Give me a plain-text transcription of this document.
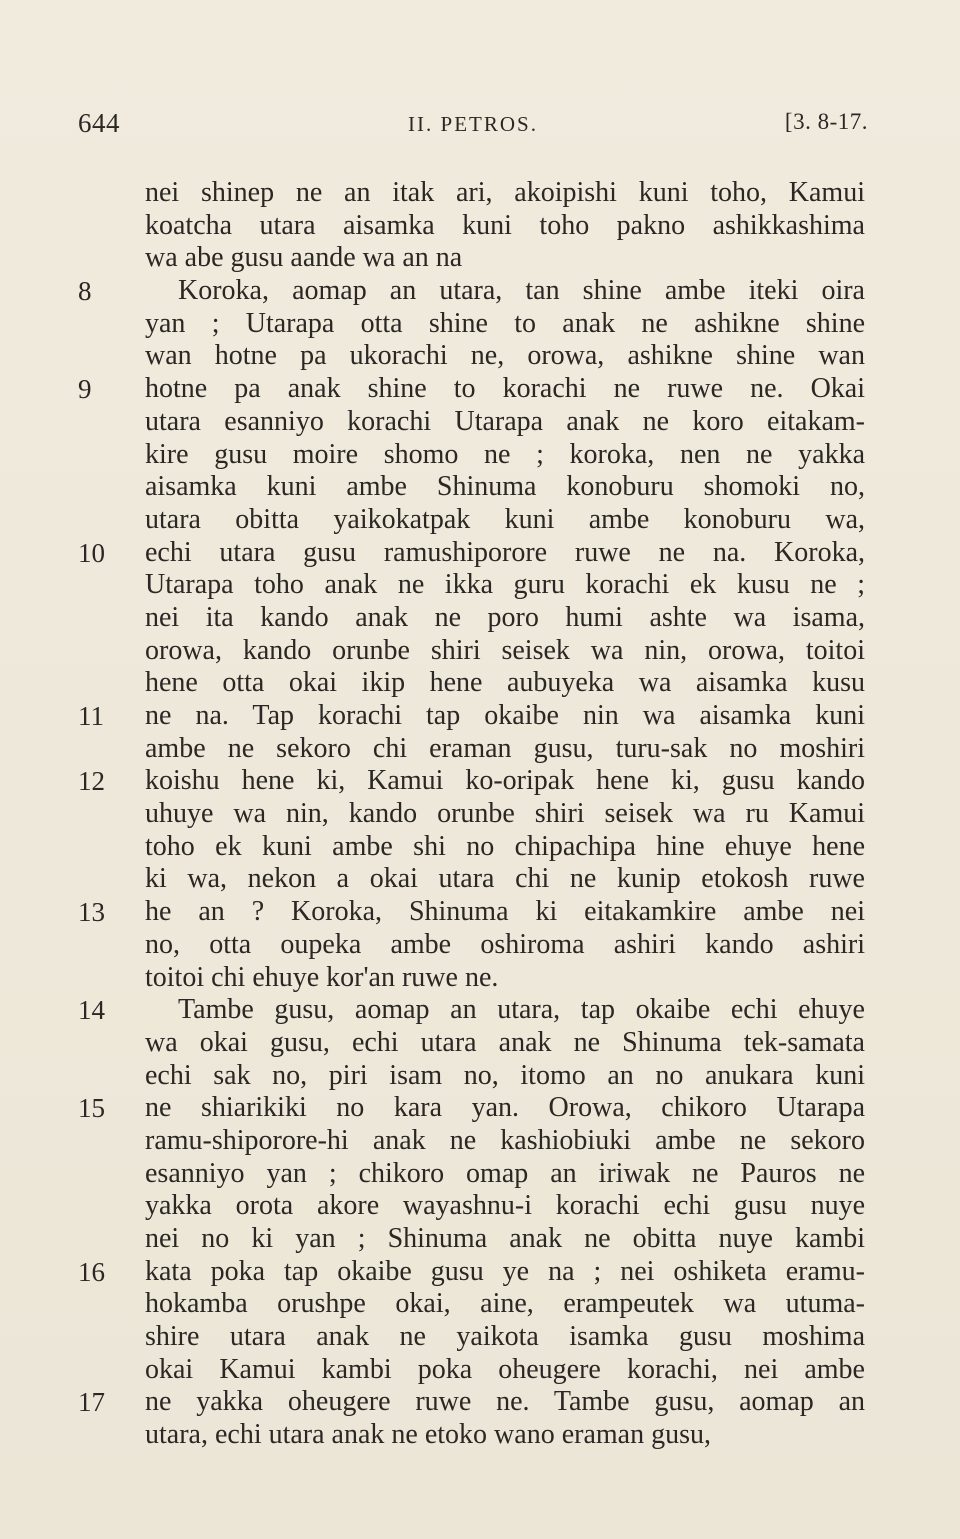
644	II. PETROS.	[3. 8-17.
nei shinep ne an itak ari, akoipishi kuni toho, Kamui
koatcha utara aisamka kuni toho pakno ashikkashima
wa abe gusu aande wa an na
8	Koroka, aomap an utara, tan shine ambe iteki oira
yan ; Utarapa otta shine to anak ne ashikne shine
wan hotne pa ukorachi ne, orowa, ashikne shine wan
9	hotne pa anak shine to korachi ne ruwe ne. Okai
utara esanniyo korachi Utarapa anak ne koro eitakam-
kire gusu moire shomo ne ; koroka, nen ne yakka
aisamka kuni ambe Shinuma konoburu shomoki no,
utara obitta yaikokatpak kuni ambe konoburu wa,
10	echi utara gusu ramushiporore ruwe ne na. Koroka,
Utarapa toho anak ne ikka guru korachi ek kusu ne ;
nei ita kando anak ne poro humi ashte wa isama,
orowa, kando orunbe shiri seisek wa nin, orowa, toitoi
hene otta okai ikip hene aubuyeka wa aisamka kusu
11	ne na. Tap korachi tap okaibe nin wa aisamka kuni
ambe ne sekoro chi eraman gusu, turu-sak no moshiri
12	koishu hene ki, Kamui ko-oripak hene ki, gusu kando
uhuye wa nin, kando orunbe shiri seisek wa ru Kamui
toho ek kuni ambe shi no chipachipa hine ehuye hene
ki wa, nekon a okai utara chi ne kunip etokosh ruwe
13	he an ? Koroka, Shinuma ki eitakamkire ambe nei
no, otta oupeka ambe oshiroma ashiri kando ashiri
toitoi chi ehuye kor'an ruwe ne.
14	Tambe gusu, aomap an utara, tap okaibe echi ehuye
wa okai gusu, echi utara anak ne Shinuma tek-samata
echi sak no, piri isam no, itomo an no anukara kuni
15	ne shiarikiki no kara yan. Orowa, chikoro Utarapa
ramu-shiporore-hi anak ne kashiobiuki ambe ne sekoro
esanniyo yan ; chikoro omap an iriwak ne Pauros ne
yakka orota akore wayashnu-i korachi echi gusu nuye
nei no ki yan ; Shinuma anak ne obitta nuye kambi
16	kata poka tap okaibe gusu ye na ; nei oshiketa eramu-
hokamba orushpe okai, aine, erampeutek wa utuma-
shire utara anak ne yaikota isamka gusu moshima
okai Kamui kambi poka oheugere korachi, nei ambe
17	ne yakka oheugere ruwe ne. Tambe gusu, aomap an
utara, echi utara anak ne etoko wano eraman gusu,
